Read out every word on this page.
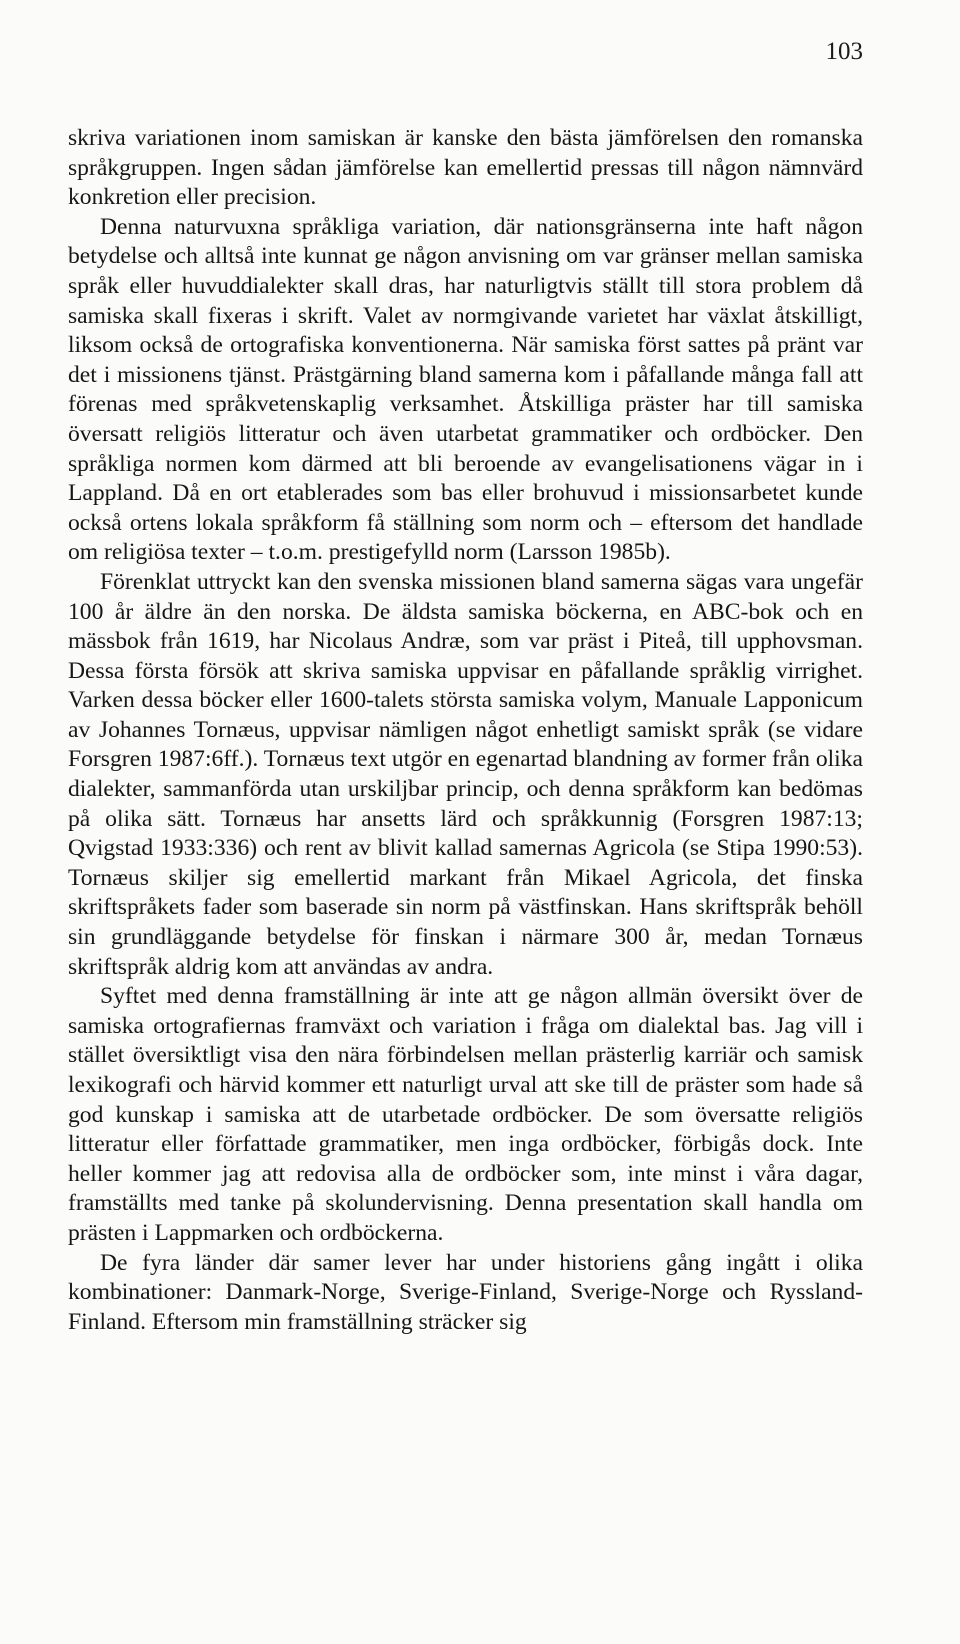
103

skriva variationen inom samiskan är kanske den bästa jämförelsen den romanska språkgruppen. Ingen sådan jämförelse kan emellertid pressas till någon nämnvärd konkretion eller precision.

Denna naturvuxna språkliga variation, där nationsgränserna inte haft någon betydelse och alltså inte kunnat ge någon anvisning om var gränser mellan samiska språk eller huvuddialekter skall dras, har naturligtvis ställt till stora problem då samiska skall fixeras i skrift. Valet av normgivande varietet har växlat åtskilligt, liksom också de ortografiska konventionerna. När samiska först sattes på pränt var det i missionens tjänst. Prästgärning bland samerna kom i påfallande många fall att förenas med språkvetenskaplig verksamhet. Åtskilliga präster har till samiska översatt religiös litteratur och även utarbetat grammatiker och ordböcker. Den språkliga normen kom därmed att bli beroende av evangelisationens vägar in i Lappland. Då en ort etablerades som bas eller brohuvud i missionsarbetet kunde också ortens lokala språkform få ställning som norm och – eftersom det handlade om religiösa texter – t.o.m. prestigefylld norm (Larsson 1985b).

Förenklat uttryckt kan den svenska missionen bland samerna sägas vara ungefär 100 år äldre än den norska. De äldsta samiska böckerna, en ABC-bok och en mässbok från 1619, har Nicolaus Andræ, som var präst i Piteå, till upphovsman. Dessa första försök att skriva samiska uppvisar en påfallande språklig virrighet. Varken dessa böcker eller 1600-talets största samiska volym, Manuale Lapponicum av Johannes Tornæus, uppvisar nämligen något enhetligt samiskt språk (se vidare Forsgren 1987:6ff.). Tornæus text utgör en egenartad blandning av former från olika dialekter, sammanförda utan urskiljbar princip, och denna språkform kan bedömas på olika sätt. Tornæus har ansetts lärd och språkkunnig (Forsgren 1987:13; Qvigstad 1933:336) och rent av blivit kallad samernas Agricola (se Stipa 1990:53). Tornæus skiljer sig emellertid markant från Mikael Agricola, det finska skriftspråkets fader som baserade sin norm på västfinskan. Hans skriftspråk behöll sin grundläggande betydelse för finskan i närmare 300 år, medan Tornæus skriftspråk aldrig kom att användas av andra.

Syftet med denna framställning är inte att ge någon allmän översikt över de samiska ortografiernas framväxt och variation i fråga om dialektal bas. Jag vill i stället översiktligt visa den nära förbindelsen mellan prästerlig karriär och samisk lexikografi och härvid kommer ett naturligt urval att ske till de präster som hade så god kunskap i samiska att de utarbetade ordböcker. De som översatte religiös litteratur eller författade grammatiker, men inga ordböcker, förbigås dock. Inte heller kommer jag att redovisa alla de ordböcker som, inte minst i våra dagar, framställts med tanke på skolundervisning. Denna presentation skall handla om prästen i Lappmarken och ordböckerna.

De fyra länder där samer lever har under historiens gång ingått i olika kombinationer: Danmark-Norge, Sverige-Finland, Sverige-Norge och Ryssland-Finland. Eftersom min framställning sträcker sig
